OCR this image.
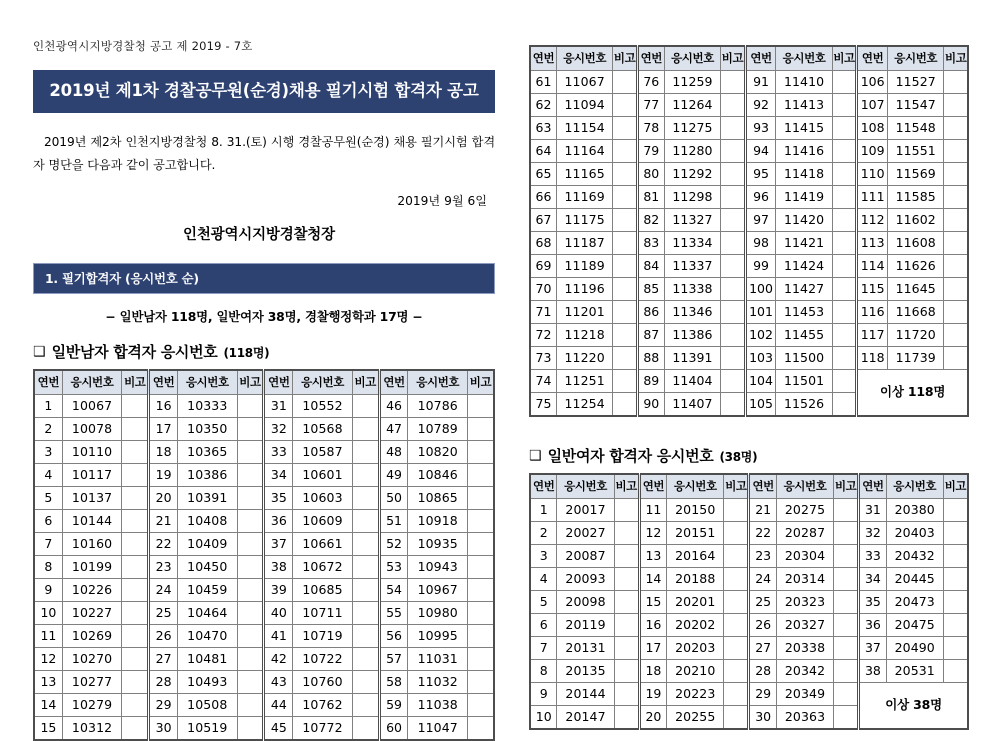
인천광역시지방경찰청 공고 제 2019 - 7호
2019년 제1차 경찰공무원(순경)채용 필기시험 합격자 공고
2019년 제2차 인천지방경찰청 8. 31.(토) 시행 경찰공무원(순경) 채용 필기시험 합격자 명단을 다음과 같이 공고합니다.
2019년 9월 6일
인천광역시지방경찰청장
1. 필기합격자 (응시번호 순)
− 일반남자 118명, 일반여자 38명, 경찰행정학과 17명 −
❑ 일반남자 합격자 응시번호 (118명)
연번	응시번호	비고	연번	응시번호	비고	연번	응시번호	비고	연번	응시번호	비고
1	10067		16	10333		31	10552		46	10786	
2	10078		17	10350		32	10568		47	10789	
3	10110		18	10365		33	10587		48	10820	
4	10117		19	10386		34	10601		49	10846	
5	10137		20	10391		35	10603		50	10865	
6	10144		21	10408		36	10609		51	10918	
7	10160		22	10409		37	10661		52	10935	
8	10199		23	10450		38	10672		53	10943	
9	10226		24	10459		39	10685		54	10967	
10	10227		25	10464		40	10711		55	10980	
11	10269		26	10470		41	10719		56	10995	
12	10270		27	10481		42	10722		57	11031	
13	10277		28	10493		43	10760		58	11032	
14	10279		29	10508		44	10762		59	11038	
15	10312		30	10519		45	10772		60	11047	
연번	응시번호	비고	연번	응시번호	비고	연번	응시번호	비고	연번	응시번호	비고
61	11067		76	11259		91	11410		106	11527	
62	11094		77	11264		92	11413		107	11547	
63	11154		78	11275		93	11415		108	11548	
64	11164		79	11280		94	11416		109	11551	
65	11165		80	11292		95	11418		110	11569	
66	11169		81	11298		96	11419		111	11585	
67	11175		82	11327		97	11420		112	11602	
68	11187		83	11334		98	11421		113	11608	
69	11189		84	11337		99	11424		114	11626	
70	11196		85	11338		100	11427		115	11645	
71	11201		86	11346		101	11453		116	11668	
72	11218		87	11386		102	11455		117	11720	
73	11220		88	11391		103	11500		118	11739	
74	11251		89	11404		104	11501		이상 118명		
75	11254		90	11407		105	11526				
❑ 일반여자 합격자 응시번호 (38명)
연번	응시번호	비고	연번	응시번호	비고	연번	응시번호	비고	연번	응시번호	비고
1	20017		11	20150		21	20275		31	20380	
2	20027		12	20151		22	20287		32	20403	
3	20087		13	20164		23	20304		33	20432	
4	20093		14	20188		24	20314		34	20445	
5	20098		15	20201		25	20323		35	20473	
6	20119		16	20202		26	20327		36	20475	
7	20131		17	20203		27	20338		37	20490	
8	20135		18	20210		28	20342		38	20531	
9	20144		19	20223		29	20349		이상 38명		
10	20147		20	20255		30	20363				
